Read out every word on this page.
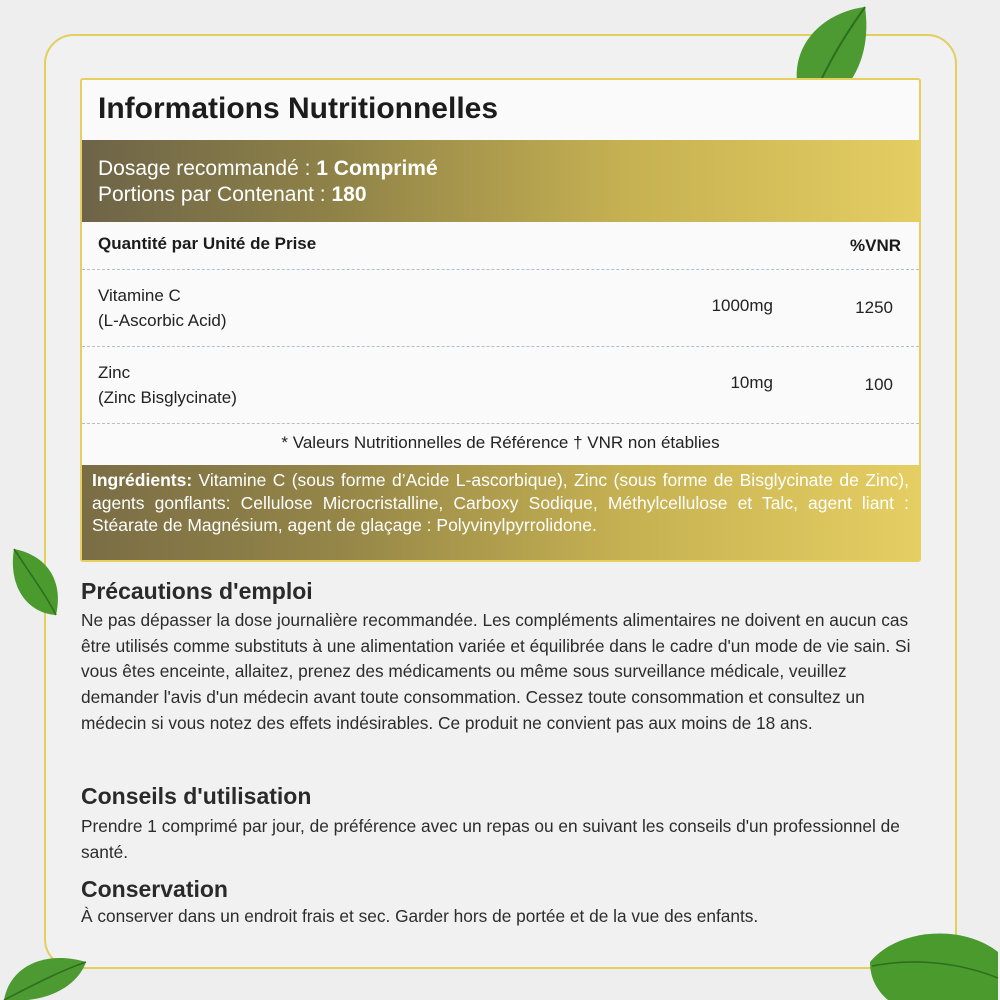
Informations Nutritionnelles
Dosage recommandé : 1 Comprimé
Portions par Contenant : 180
Quantité par Unité de Prise	%VNR
Vitamine C
(L-Ascorbic Acid)
1000mg	1250
Zinc
(Zinc Bisglycinate)
10mg	100
* Valeurs Nutritionnelles de Référence † VNR non établies
Ingrédients: Vitamine C (sous forme d’Acide L-ascorbique), Zinc (sous forme de Bisglycinate de Zinc), agents gonflants: Cellulose Microcristalline, Carboxy Sodique, Méthylcellulose et Talc, agent liant : Stéarate de Magnésium, agent de glaçage : Polyvinylpyrrolidone.
Précautions d'emploi
Ne pas dépasser la dose journalière recommandée. Les compléments alimentaires ne doivent en aucun cas être utilisés comme substituts à une alimentation variée et équilibrée dans le cadre d'un mode de vie sain. Si vous êtes enceinte, allaitez, prenez des médicaments ou même sous surveillance médicale, veuillez demander l'avis d'un médecin avant toute consommation. Cessez toute consommation et consultez un médecin si vous notez des effets indésirables. Ce produit ne convient pas aux moins de 18 ans.
Conseils d'utilisation
Prendre 1 comprimé par jour, de préférence avec un repas ou en suivant les conseils d'un professionnel de santé.
Conservation
À conserver dans un endroit frais et sec. Garder hors de portée et de la vue des enfants.
